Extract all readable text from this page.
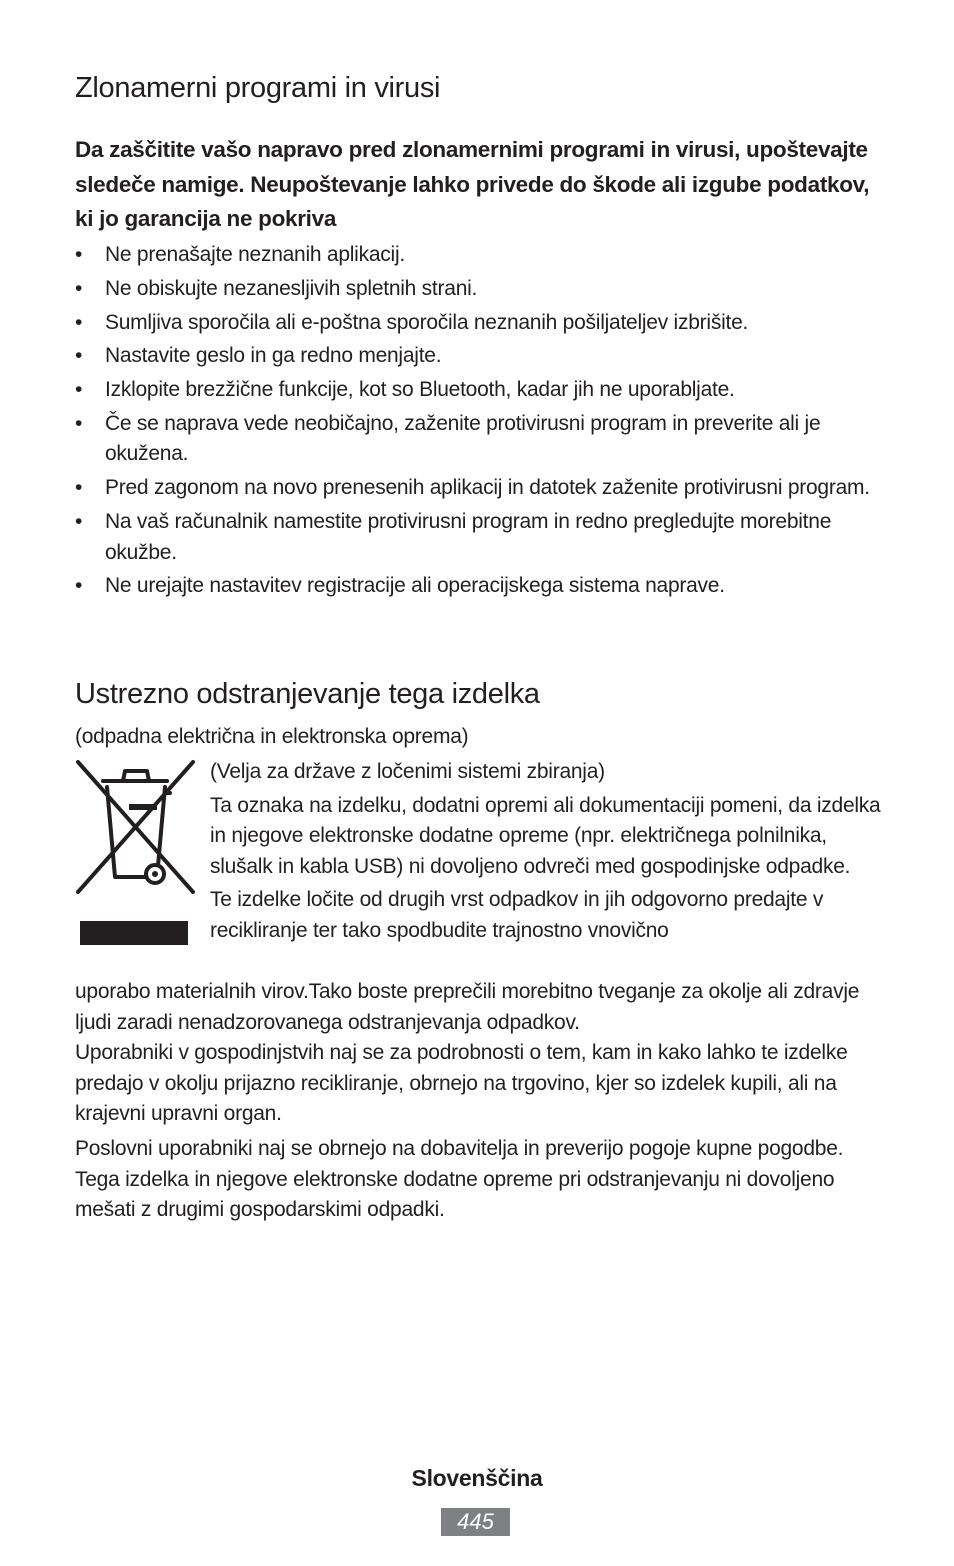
Zlonamerni programi in virusi

Da zaščitite vašo napravo pred zlonamernimi programi in virusi, upoštevajte sledeče namige. Neupoštevanje lahko privede do škode ali izgube podatkov, ki jo garancija ne pokriva

• Ne prenašajte neznanih aplikacij.
• Ne obiskujte nezanesljivih spletnih strani.
• Sumljiva sporočila ali e-poštna sporočila neznanih pošiljateljev izbrišite.
• Nastavite geslo in ga redno menjajte.
• Izklopite brezžične funkcije, kot so Bluetooth, kadar jih ne uporabljate.
• Če se naprava vede neobičajno, zaženite protivirusni program in preverite ali je okužena.
• Pred zagonom na novo prenesenih aplikacij in datotek zaženite protivirusni program.
• Na vaš računalnik namestite protivirusni program in redno pregledujte morebitne okužbe.
• Ne urejajte nastavitev registracije ali operacijskega sistema naprave.
Ustrezno odstranjevanje tega izdelka

(odpadna električna in elektronska oprema)

(Velja za države z ločenimi sistemi zbiranja)

Ta oznaka na izdelku, dodatni opremi ali dokumentaciji pomeni, da izdelka in njegove elektronske dodatne opreme (npr. električnega polnilnika, slušalk in kabla USB) ni dovoljeno odvreči med gospodinjske odpadke.

Te izdelke ločite od drugih vrst odpadkov in jih odgovorno predajte v recikliranje ter tako spodbudite trajnostno vnovično

uporabo materialnih virov.Tako boste preprečili morebitno tveganje za okolje ali zdravje ljudi zaradi nenadzorovanega odstranjevanja odpadkov.

Uporabniki v gospodinjstvih naj se za podrobnosti o tem, kam in kako lahko te izdelke predajo v okolju prijazno recikliranje, obrnejo na trgovino, kjer so izdelek kupili, ali na krajevni upravni organ.

Poslovni uporabniki naj se obrnejo na dobavitelja in preverijo pogoje kupne pogodbe. Tega izdelka in njegove elektronske dodatne opreme pri odstranjevanju ni dovoljeno mešati z drugimi gospodarskimi odpadki.

Slovenščina
445
